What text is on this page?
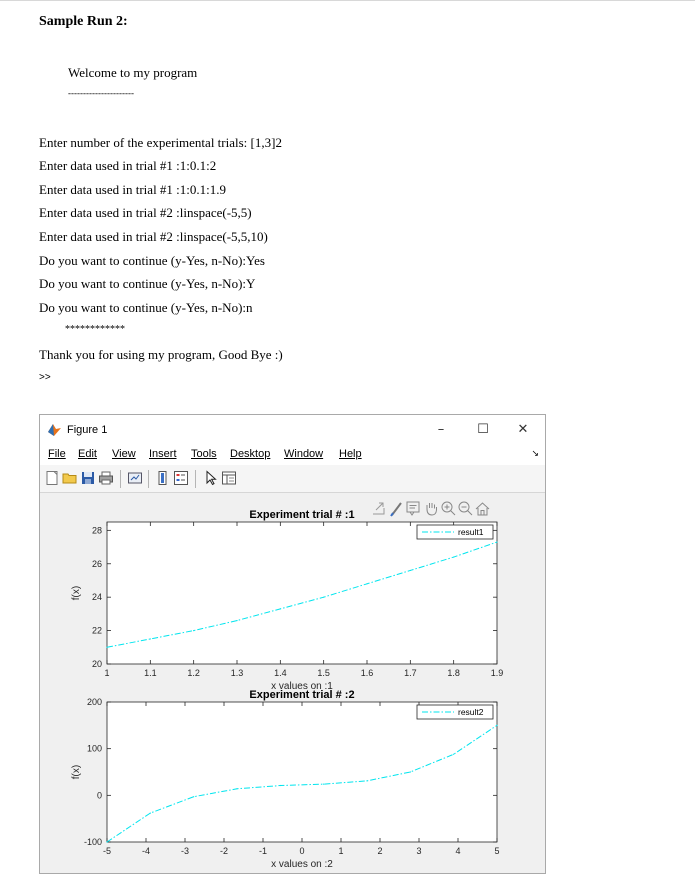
Sample Run 2:
Welcome to my program
----------------------
Enter number of the experimental trials: [1,3]2
Enter data used in trial #1 :1:0.1:2
Enter data used in trial #1 :1:0.1:1.9
Enter data used in trial #2 :linspace(-5,5)
Enter data used in trial #2 :linspace(-5,5,10)
Do you want to continue (y-Yes, n-No):Yes
Do you want to continue (y-Yes, n-No):Y
Do you want to continue (y-Yes, n-No):n
************
Thank you for using my program, Good Bye :)
>>
Figure 1	–	☐	✕
File Edit View Insert Tools Desktop Window Help	↘
1	1.1	1.2	1.3	1.4	1.5	1.6	1.7	1.8	1.9
20
22
24
26
28
Experiment trial # :1
x values on :1
f(x)
result1
-5	-4	-3	-2	-1	0	1	2	3	4	5
-100
0
100
200
Experiment trial # :2
x values on :2
f(x)
result2
